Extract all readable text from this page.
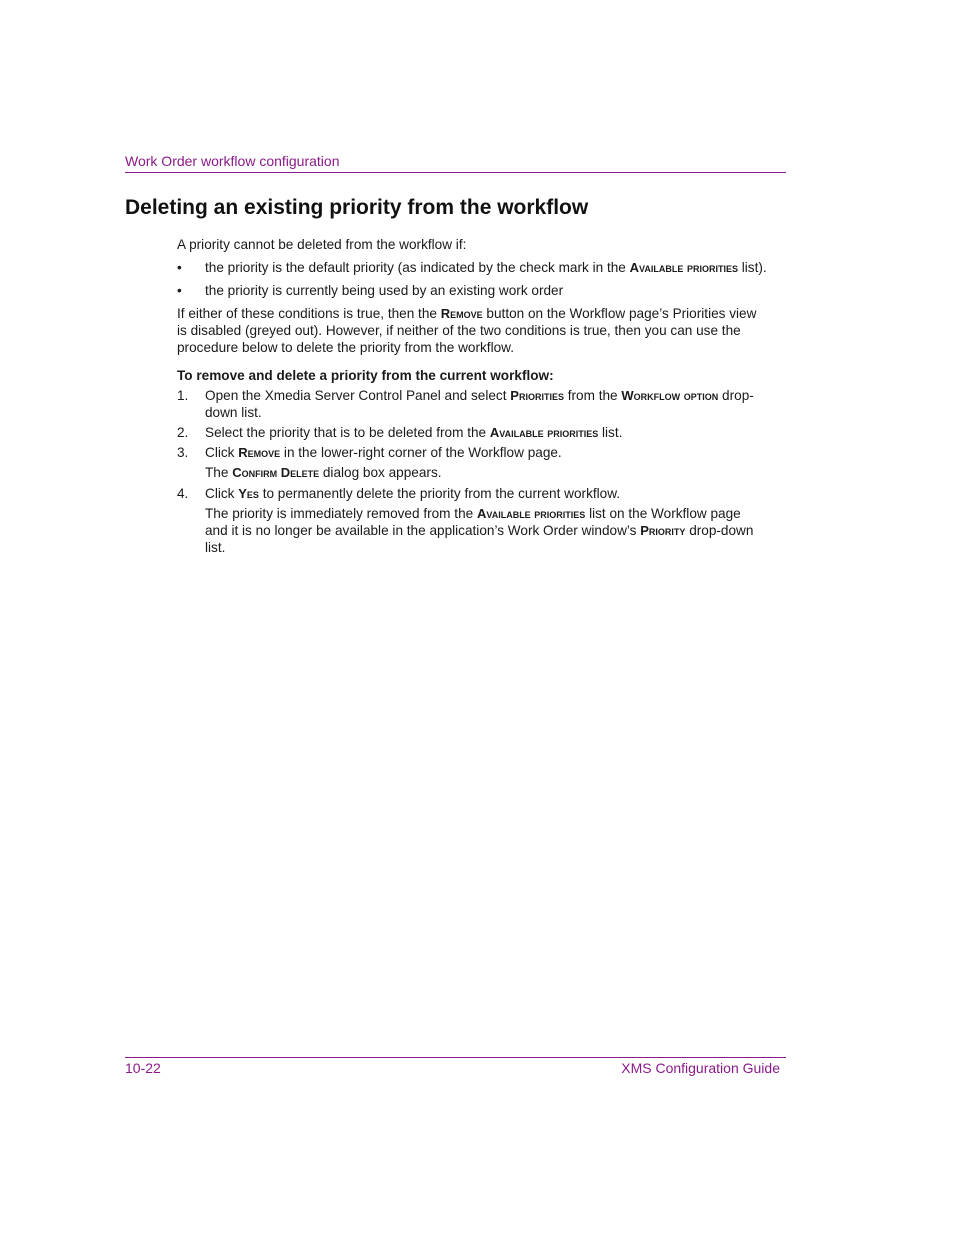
Work Order workflow configuration
Deleting an existing priority from the workflow

A priority cannot be deleted from the workflow if:

• the priority is the default priority (as indicated by the check mark in the Available priorities list).
• the priority is currently being used by an existing work order

If either of these conditions is true, then the Remove button on the Workflow page’s Priorities view is disabled (greyed out). However, if neither of the two conditions is true, then you can use the procedure below to delete the priority from the workflow.

To remove and delete a priority from the current workflow:

1. Open the Xmedia Server Control Panel and select Priorities from the Workflow option drop-down list.
2. Select the priority that is to be deleted from the Available priorities list.
3. Click Remove in the lower-right corner of the Workflow page.

The Confirm Delete dialog box appears.

4. Click Yes to permanently delete the priority from the current workflow.

The priority is immediately removed from the Available priorities list on the Workflow page and it is no longer be available in the application’s Work Order window’s Priority drop-down list.

10-22	XMS Configuration Guide
